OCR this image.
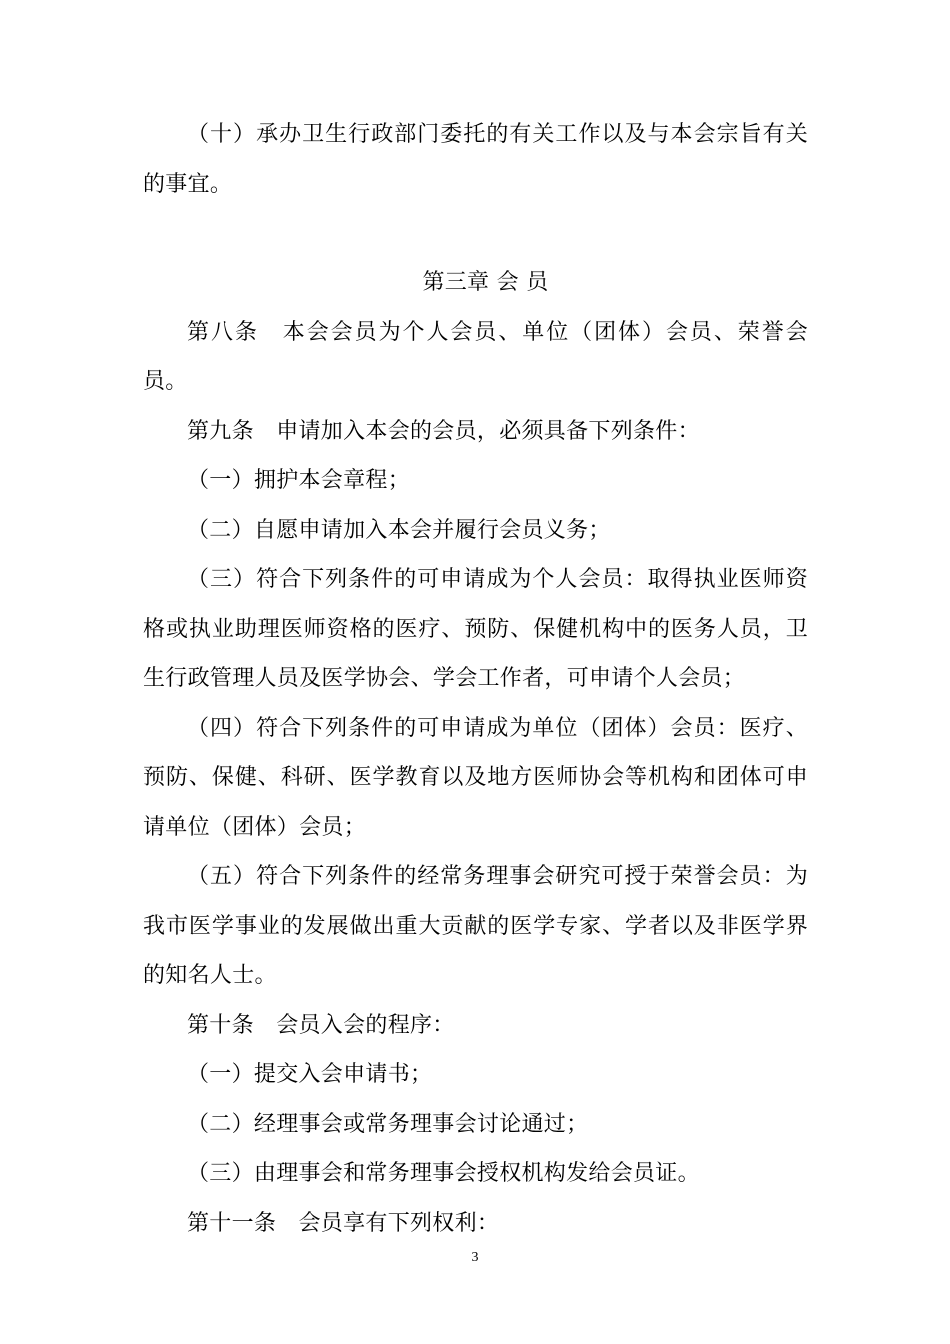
（十）承办卫生行政部门委托的有关工作以及与本会宗旨有关的事宜。

第三章 会 员

第八条　本会会员为个人会员、单位（团体）会员、荣誉会员。

第九条　申请加入本会的会员，必须具备下列条件：

（一）拥护本会章程；

（二）自愿申请加入本会并履行会员义务；

（三）符合下列条件的可申请成为个人会员：取得执业医师资格或执业助理医师资格的医疗、预防、保健机构中的医务人员，卫生行政管理人员及医学协会、学会工作者，可申请个人会员；

（四）符合下列条件的可申请成为单位（团体）会员：医疗、预防、保健、科研、医学教育以及地方医师协会等机构和团体可申请单位（团体）会员；

（五）符合下列条件的经常务理事会研究可授于荣誉会员：为我市医学事业的发展做出重大贡献的医学专家、学者以及非医学界的知名人士。

第十条　会员入会的程序：

（一）提交入会申请书；

（二）经理事会或常务理事会讨论通过；

（三）由理事会和常务理事会授权机构发给会员证。

第十一条　会员享有下列权利：

3
